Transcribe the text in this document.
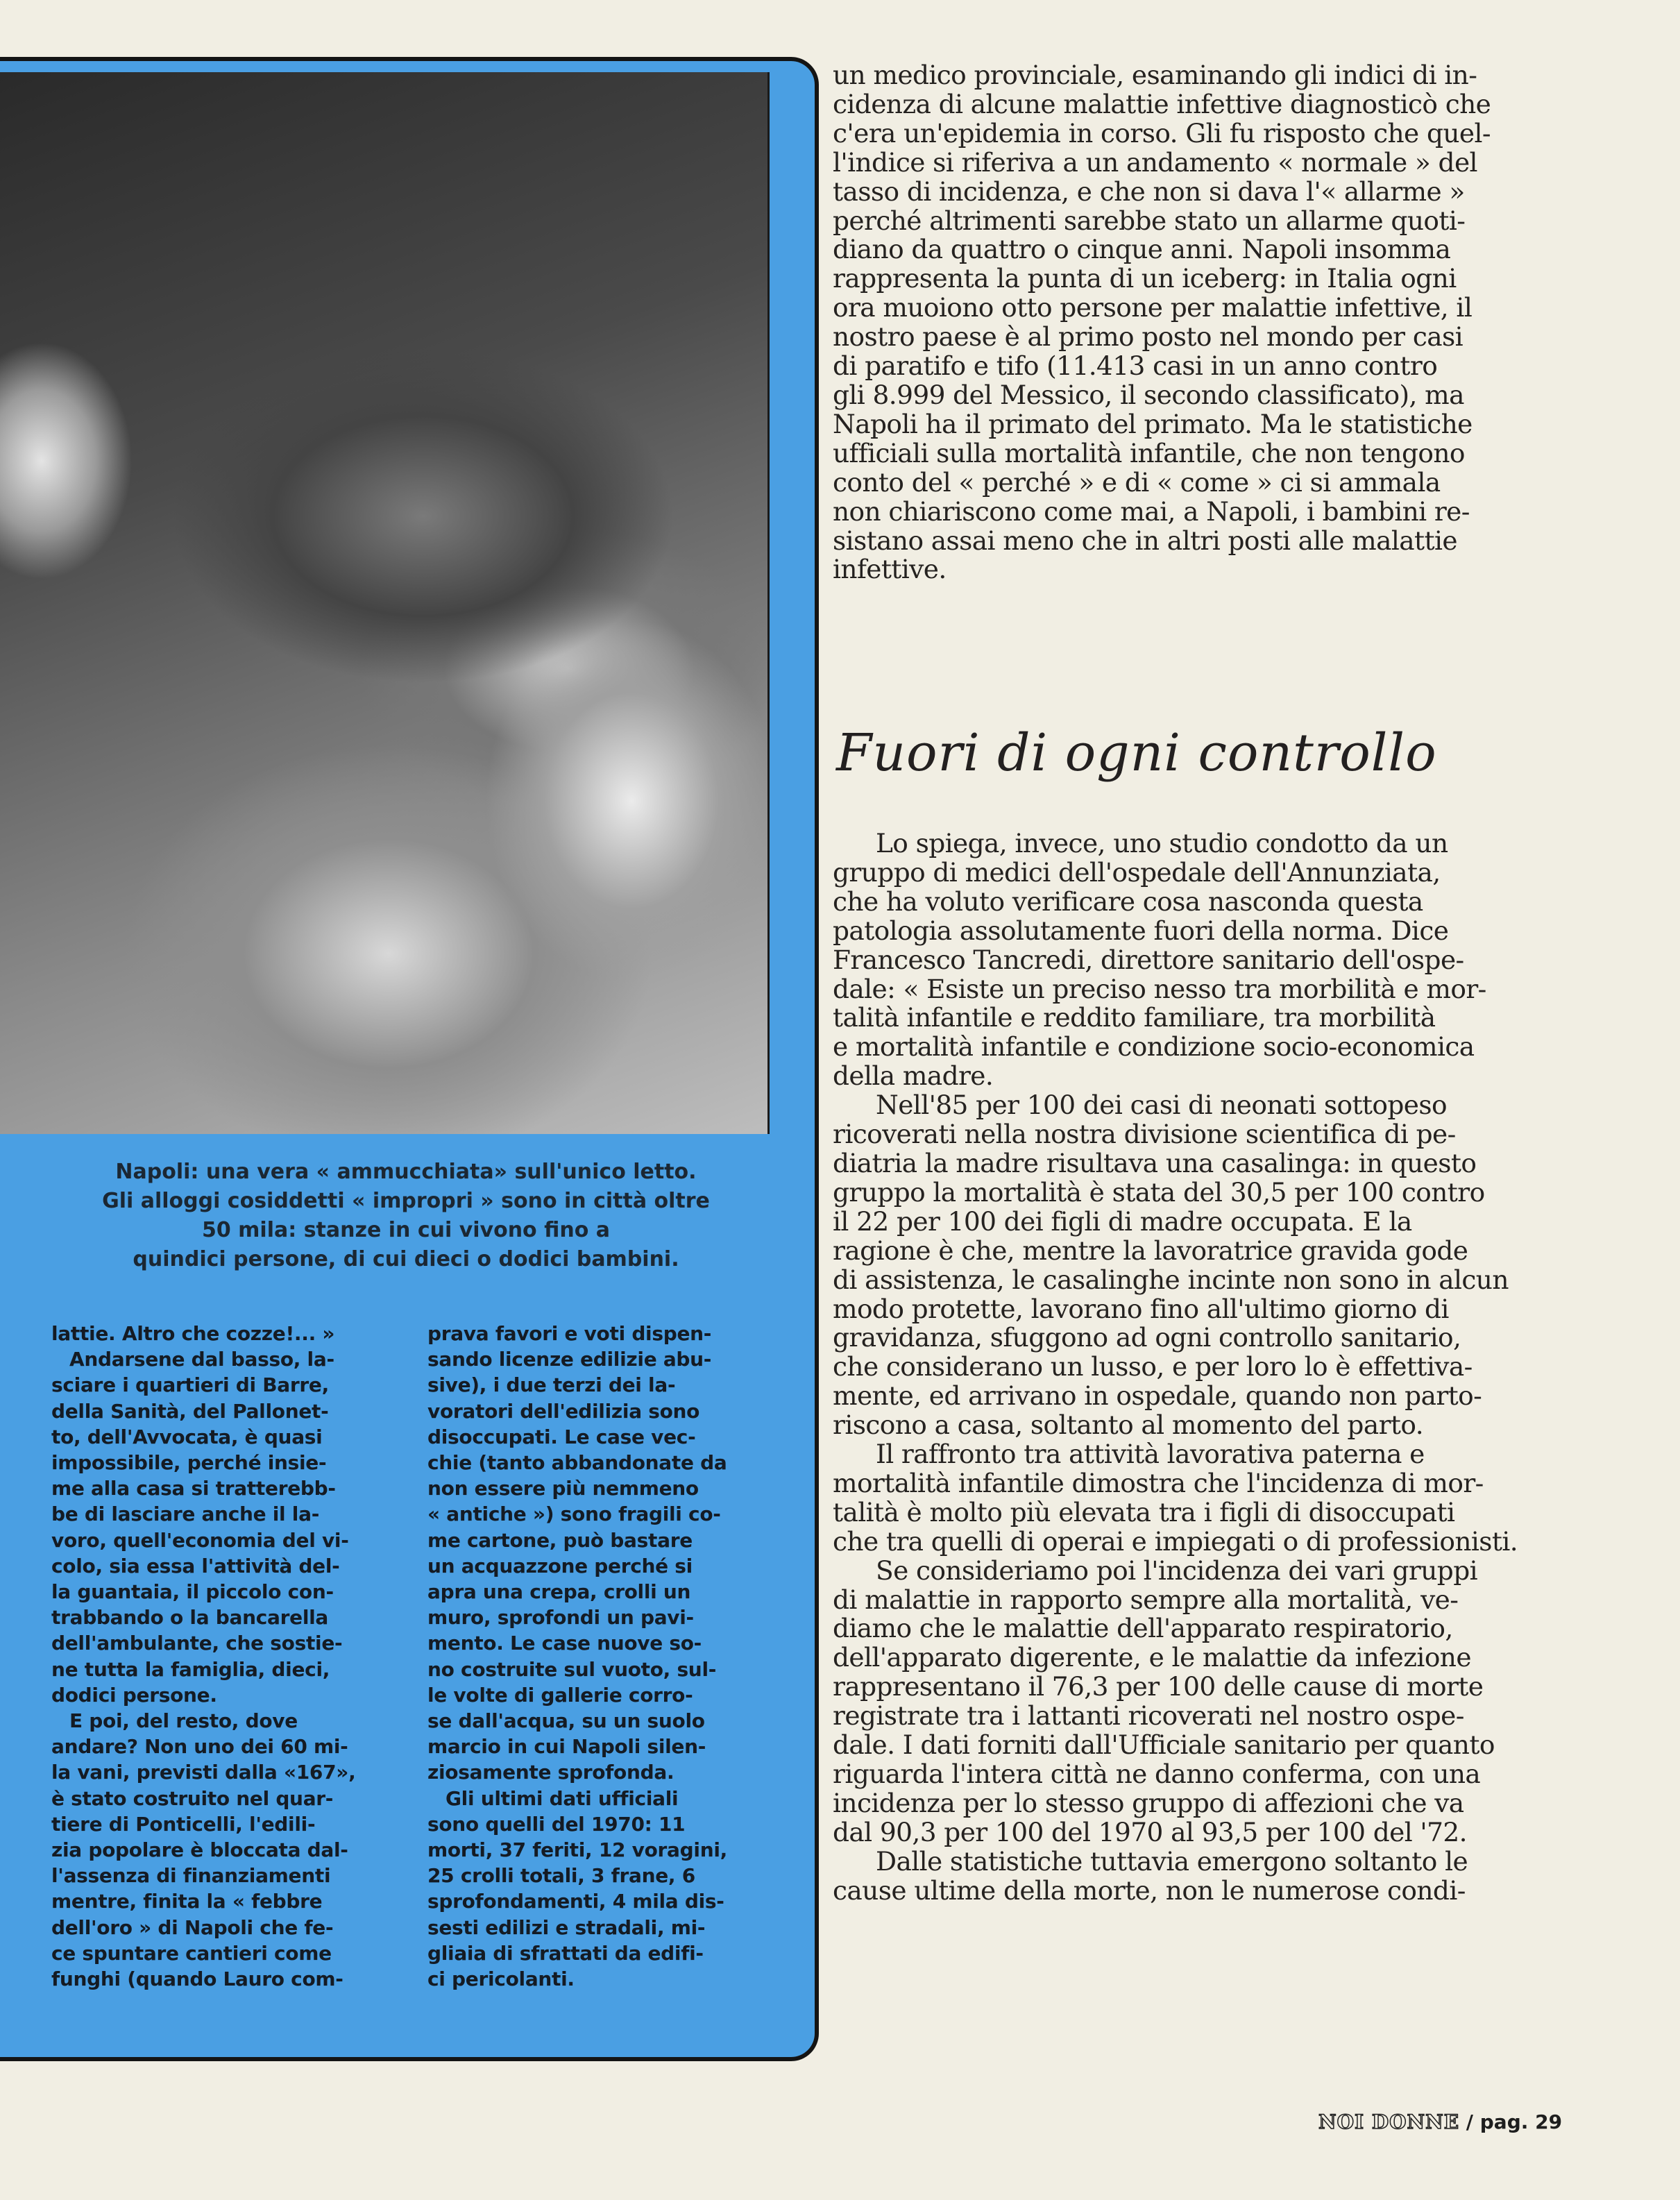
Napoli: una vera « ammucchiata» sull'unico letto.
Gli alloggi cosiddetti « impropri » sono in città oltre
50 mila: stanze in cui vivono fino a
quindici persone, di cui dieci o dodici bambini.
lattie. Altro che cozze!... »
Andarsene dal basso, la-
sciare i quartieri di Barre,
della Sanità, del Pallonet-
to, dell'Avvocata, è quasi
impossibile, perché insie-
me alla casa si tratterebb-
be di lasciare anche il la-
voro, quell'economia del vi-
colo, sia essa l'attività del-
la guantaia, il piccolo con-
trabbando o la bancarella
dell'ambulante, che sostie-
ne tutta la famiglia, dieci,
dodici persone.
E poi, del resto, dove
andare? Non uno dei 60 mi-
la vani, previsti dalla «167»,
è stato costruito nel quar-
tiere di Ponticelli, l'edili-
zia popolare è bloccata dal-
l'assenza di finanziamenti
mentre, finita la « febbre
dell'oro » di Napoli che fe-
ce spuntare cantieri come
funghi (quando Lauro com-
prava favori e voti dispen-
sando licenze edilizie abu-
sive), i due terzi dei la-
voratori dell'edilizia sono
disoccupati. Le case vec-
chie (tanto abbandonate da
non essere più nemmeno
« antiche ») sono fragili co-
me cartone, può bastare
un acquazzone perché si
apra una crepa, crolli un
muro, sprofondi un pavi-
mento. Le case nuove so-
no costruite sul vuoto, sul-
le volte di gallerie corro-
se dall'acqua, su un suolo
marcio in cui Napoli silen-
ziosamente sprofonda.
Gli ultimi dati ufficiali
sono quelli del 1970: 11
morti, 37 feriti, 12 voragini,
25 crolli totali, 3 frane, 6
sprofondamenti, 4 mila dis-
sesti edilizi e stradali, mi-
gliaia di sfrattati da edifi-
ci pericolanti.
un medico provinciale, esaminando gli indici di in-
cidenza di alcune malattie infettive diagnosticò che
c'era un'epidemia in corso. Gli fu risposto che quel-
l'indice si riferiva a un andamento « normale » del
tasso di incidenza, e che non si dava l'« allarme »
perché altrimenti sarebbe stato un allarme quoti-
diano da quattro o cinque anni. Napoli insomma
rappresenta la punta di un iceberg: in Italia ogni
ora muoiono otto persone per malattie infettive, il
nostro paese è al primo posto nel mondo per casi
di paratifo e tifo (11.413 casi in un anno contro
gli 8.999 del Messico, il secondo classificato), ma
Napoli ha il primato del primato. Ma le statistiche
ufficiali sulla mortalità infantile, che non tengono
conto del « perché » e di « come » ci si ammala
non chiariscono come mai, a Napoli, i bambini re-
sistano assai meno che in altri posti alle malattie
infettive.
Fuori di ogni controllo
Lo spiega, invece, uno studio condotto da un
gruppo di medici dell'ospedale dell'Annunziata,
che ha voluto verificare cosa nasconda questa
patologia assolutamente fuori della norma. Dice
Francesco Tancredi, direttore sanitario dell'ospe-
dale: « Esiste un preciso nesso tra morbilità e mor-
talità infantile e reddito familiare, tra morbilità
e mortalità infantile e condizione socio-economica
della madre.
Nell'85 per 100 dei casi di neonati sottopeso
ricoverati nella nostra divisione scientifica di pe-
diatria la madre risultava una casalinga: in questo
gruppo la mortalità è stata del 30,5 per 100 contro
il 22 per 100 dei figli di madre occupata. E la
ragione è che, mentre la lavoratrice gravida gode
di assistenza, le casalinghe incinte non sono in alcun
modo protette, lavorano fino all'ultimo giorno di
gravidanza, sfuggono ad ogni controllo sanitario,
che considerano un lusso, e per loro lo è effettiva-
mente, ed arrivano in ospedale, quando non parto-
riscono a casa, soltanto al momento del parto.
Il raffronto tra attività lavorativa paterna e
mortalità infantile dimostra che l'incidenza di mor-
talità è molto più elevata tra i figli di disoccupati
che tra quelli di operai e impiegati o di professionisti.
Se consideriamo poi l'incidenza dei vari gruppi
di malattie in rapporto sempre alla mortalità, ve-
diamo che le malattie dell'apparato respiratorio,
dell'apparato digerente, e le malattie da infezione
rappresentano il 76,3 per 100 delle cause di morte
registrate tra i lattanti ricoverati nel nostro ospe-
dale. I dati forniti dall'Ufficiale sanitario per quanto
riguarda l'intera città ne danno conferma, con una
incidenza per lo stesso gruppo di affezioni che va
dal 90,3 per 100 del 1970 al 93,5 per 100 del '72.
Dalle statistiche tuttavia emergono soltanto le
cause ultime della morte, non le numerose condi-
NOI DONNE / pag. 29
